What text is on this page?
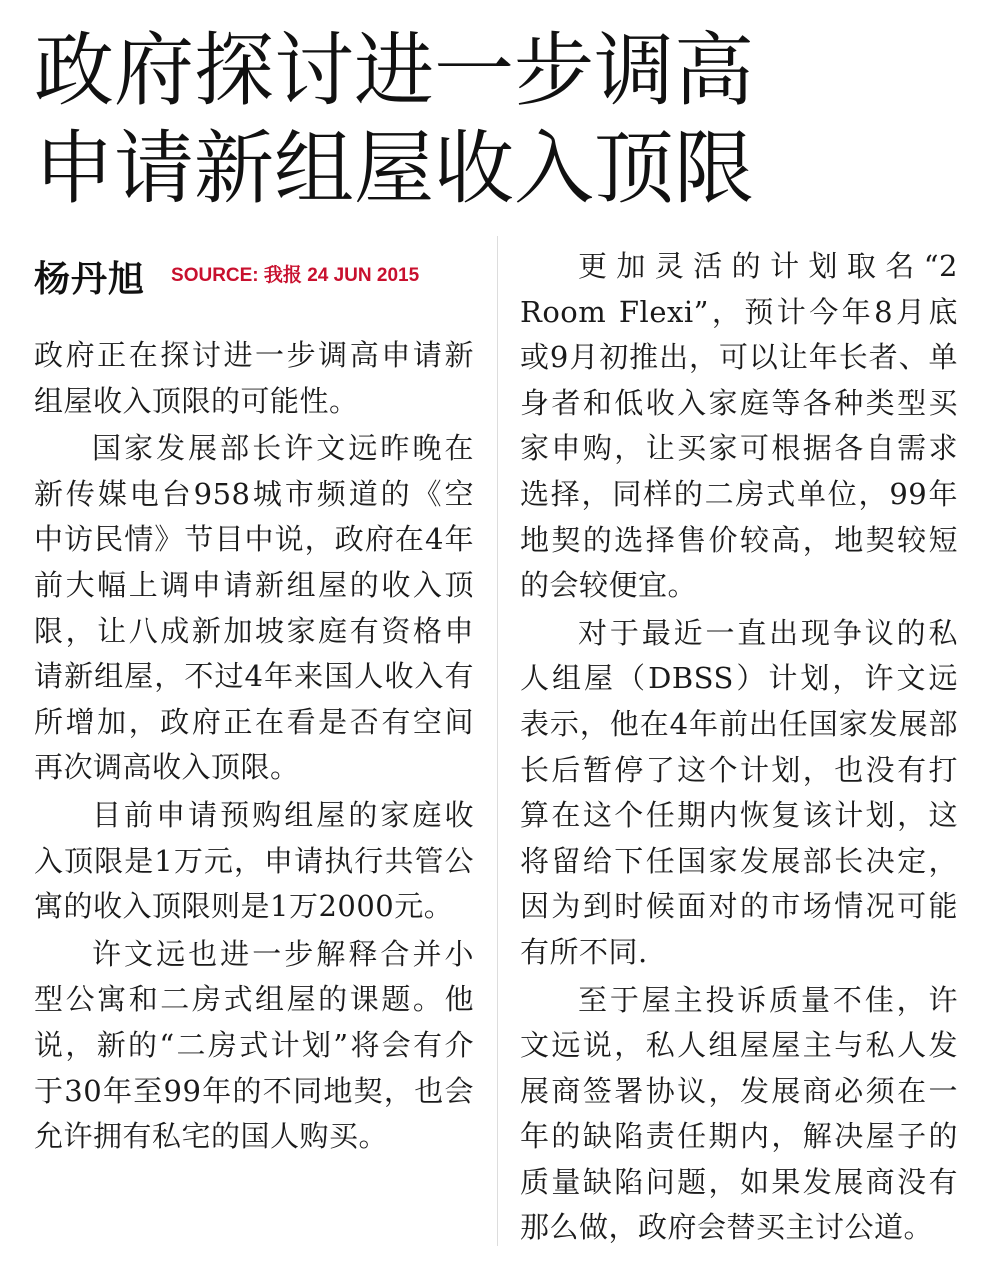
政府探讨进一步调高
申请新组屋收入顶限
杨丹旭 SOURCE: 我报 24 JUN 2015

政府正在探讨进一步调高申请新组屋收入顶限的可能性。

国家发展部长许文远昨晚在新传媒电台958城市频道的《空中访民情》节目中说，政府在4年前大幅上调申请新组屋的收入顶限，让八成新加坡家庭有资格申请新组屋，不过4年来国人收入有所增加，政府正在看是否有空间再次调高收入顶限。

目前申请预购组屋的家庭收入顶限是1万元，申请执行共管公寓的收入顶限则是1万2000元。

许文远也进一步解释合并小型公寓和二房式组屋的课题。他说，新的“二房式计划”将会有介于30年至99年的不同地契，也会允许拥有私宅的国人购买。

更加灵活的计划取名“2 Room Flexi”，预计今年8月底或9月初推出，可以让年长者、单身者和低收入家庭等各种类型买家申购，让买家可根据各自需求选择，同样的二房式单位，99年地契的选择售价较高，地契较短的会较便宜。

对于最近一直出现争议的私人组屋（DBSS）计划，许文远表示，他在4年前出任国家发展部长后暂停了这个计划，也没有打算在这个任期内恢复该计划，这将留给下任国家发展部长决定，因为到时候面对的市场情况可能有所不同.

至于屋主投诉质量不佳，许文远说，私人组屋屋主与私人发展商签署协议，发展商必须在一年的缺陷责任期内，解决屋子的质量缺陷问题，如果发展商没有那么做，政府会替买主讨公道。
